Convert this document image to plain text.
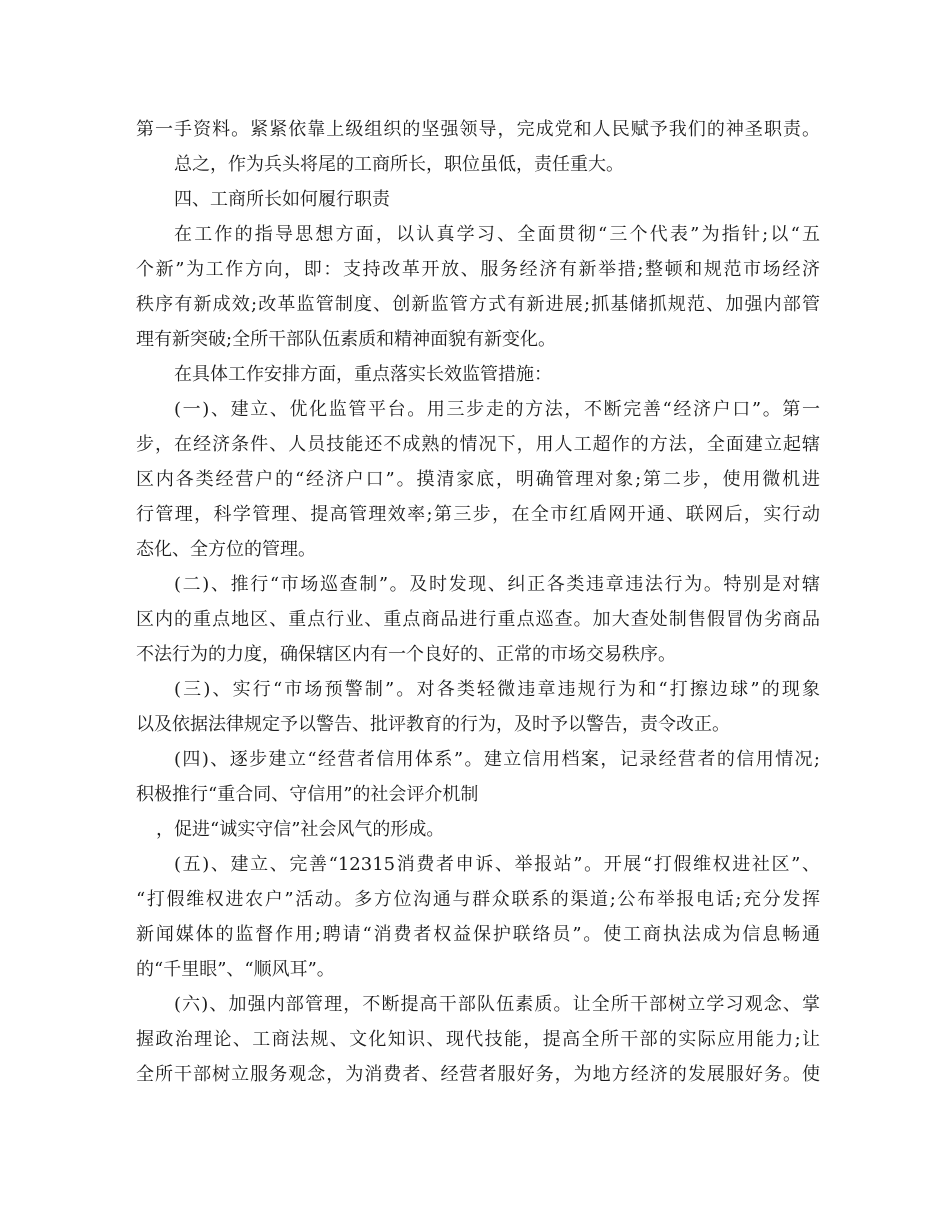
第一手资料。紧紧依靠上级组织的坚强领导，完成党和人民赋予我们的神圣职责。

总之，作为兵头将尾的工商所长，职位虽低，责任重大。

四、工商所长如何履行职责

在工作的指导思想方面，以认真学习、全面贯彻“三个代表”为指针;以“五

个新”为工作方向，即：支持改革开放、服务经济有新举措;整顿和规范市场经济

秩序有新成效;改革监管制度、创新监管方式有新进展;抓基储抓规范、加强内部管

理有新突破;全所干部队伍素质和精神面貌有新变化。

在具体工作安排方面，重点落实长效监管措施：

(一)、建立、优化监管平台。用三步走的方法，不断完善“经济户口”。第一

步，在经济条件、人员技能还不成熟的情况下，用人工超作的方法，全面建立起辖

区内各类经营户的“经济户口”。摸清家底，明确管理对象;第二步，使用微机进

行管理，科学管理、提高管理效率;第三步，在全市红盾网开通、联网后，实行动

态化、全方位的管理。

(二)、推行“市场巡查制”。及时发现、纠正各类违章违法行为。特别是对辖

区内的重点地区、重点行业、重点商品进行重点巡查。加大查处制售假冒伪劣商品

不法行为的力度，确保辖区内有一个良好的、正常的市场交易秩序。

(三)、实行“市场预警制”。对各类轻微违章违规行为和“打擦边球”的现象

以及依据法律规定予以警告、批评教育的行为，及时予以警告，责令改正。

(四)、逐步建立“经营者信用体系”。建立信用档案，记录经营者的信用情况;

积极推行“重合同、守信用”的社会评介机制

，促进“诚实守信”社会风气的形成。

(五)、建立、完善“12315消费者申诉、举报站”。开展“打假维权进社区”、

“打假维权进农户”活动。多方位沟通与群众联系的渠道;公布举报电话;充分发挥

新闻媒体的监督作用;聘请“消费者权益保护联络员”。使工商执法成为信息畅通

的“千里眼”、“顺风耳”。

(六)、加强内部管理，不断提高干部队伍素质。让全所干部树立学习观念、掌

握政治理论、工商法规、文化知识、现代技能，提高全所干部的实际应用能力;让

全所干部树立服务观念，为消费者、经营者服好务，为地方经济的发展服好务。使
